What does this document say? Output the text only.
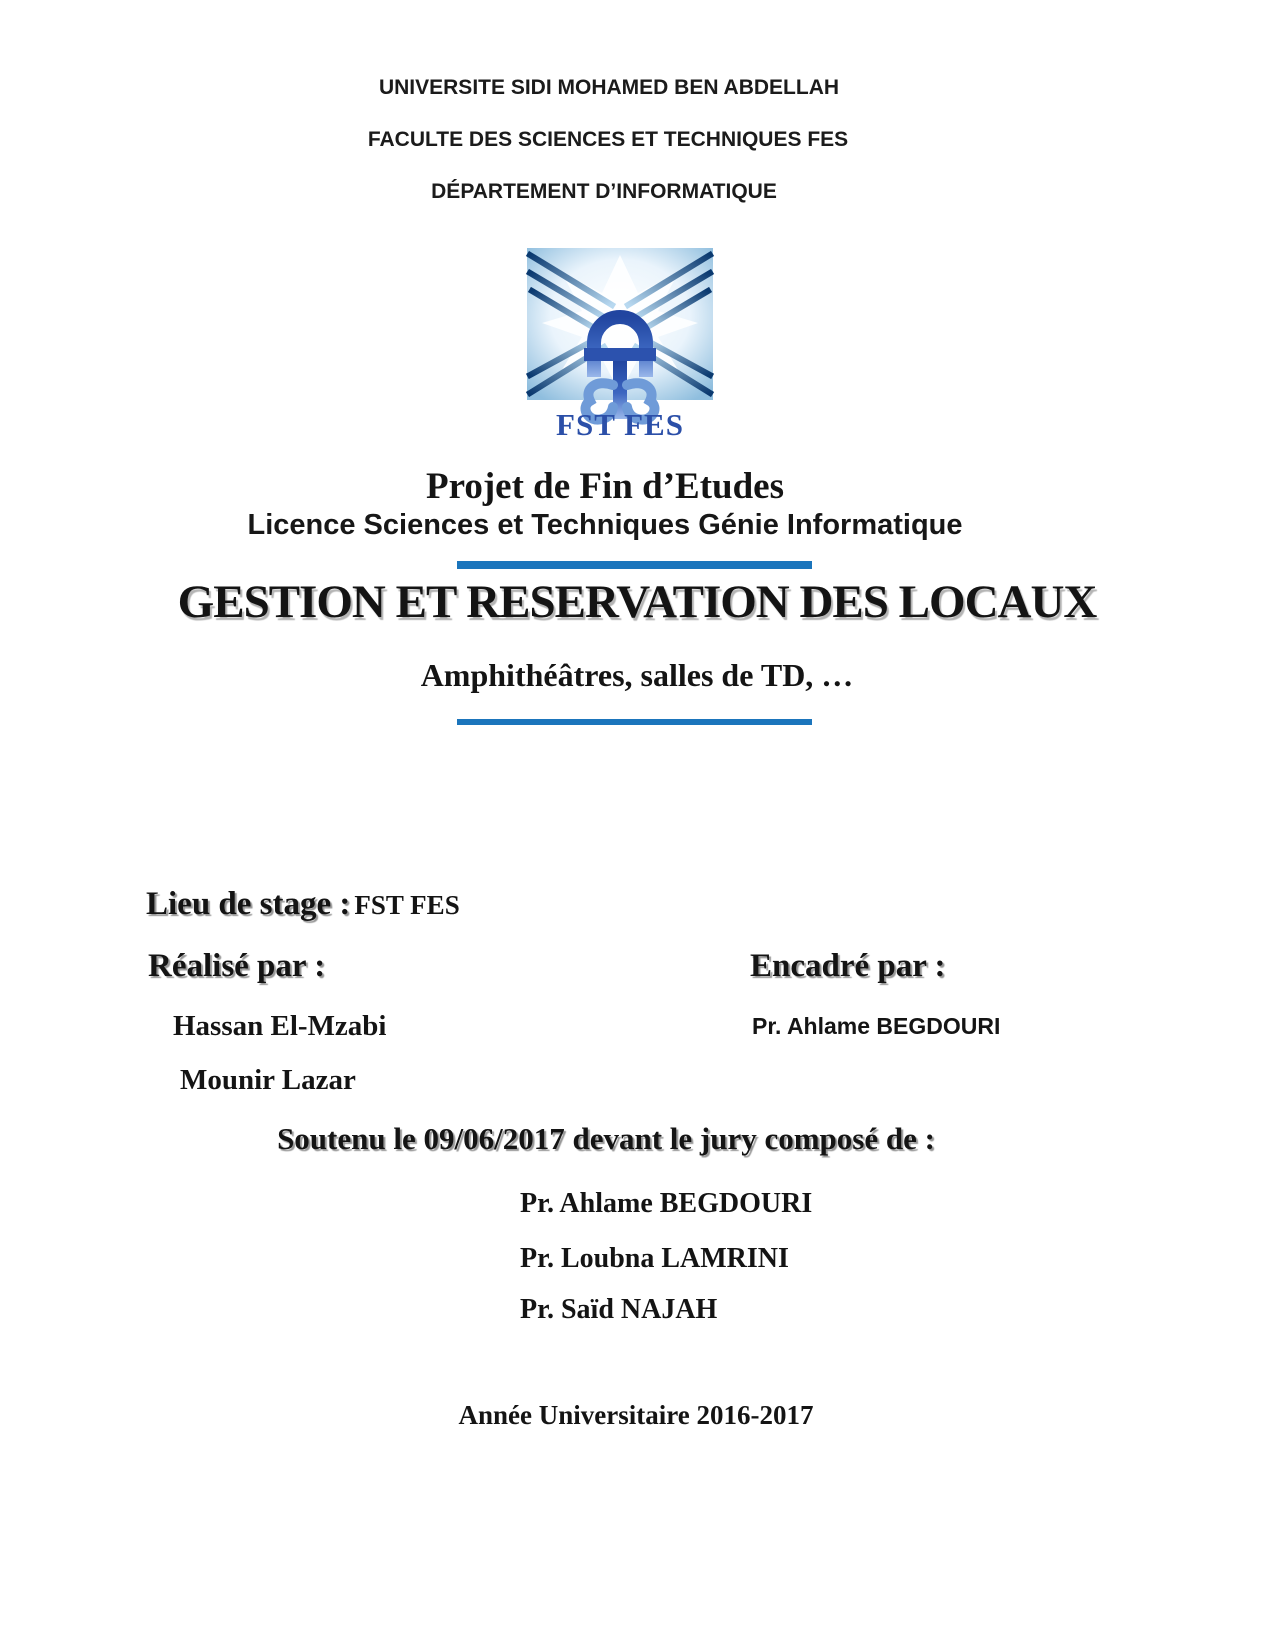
UNIVERSITE SIDI MOHAMED BEN ABDELLAH
FACULTE DES SCIENCES ET TECHNIQUES FES
DÉPARTEMENT D’INFORMATIQUE
FST FES
Projet de Fin d’Etudes
Licence Sciences et Techniques Génie Informatique
GESTION ET RESERVATION DES LOCAUX
Amphithéâtres, salles de TD, …
Lieu de stage : FST FES
Réalisé par :	Encadré par :
Hassan El-Mzabi	Pr. Ahlame BEGDOURI
Mounir Lazar
Soutenu le 09/06/2017 devant le jury composé de :
Pr. Ahlame BEGDOURI
Pr. Loubna LAMRINI
Pr. Saïd NAJAH
Année Universitaire 2016-2017
